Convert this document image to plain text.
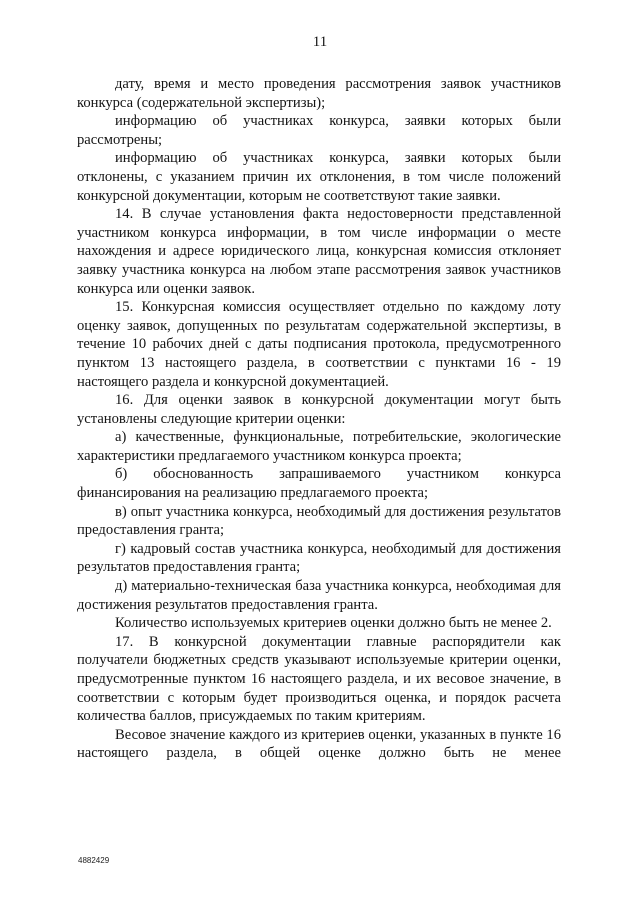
11

дату, время и место проведения рассмотрения заявок участников конкурса (содержательной экспертизы);

информацию об участниках конкурса, заявки которых были рассмотрены;

информацию об участниках конкурса, заявки которых были отклонены, с указанием причин их отклонения, в том числе положений конкурсной документации, которым не соответствуют такие заявки.

14. В случае установления факта недостоверности представленной участником конкурса информации, в том числе информации о месте нахождения и адресе юридического лица, конкурсная комиссия отклоняет заявку участника конкурса на любом этапе рассмотрения заявок участников конкурса или оценки заявок.

15. Конкурсная комиссия осуществляет отдельно по каждому лоту оценку заявок, допущенных по результатам содержательной экспертизы, в течение 10 рабочих дней с даты подписания протокола, предусмотренного пунктом 13 настоящего раздела, в соответствии с пунктами 16 - 19 настоящего раздела и конкурсной документацией.

16. Для оценки заявок в конкурсной документации могут быть установлены следующие критерии оценки:

а) качественные, функциональные, потребительские, экологические характеристики предлагаемого участником конкурса проекта;

б) обоснованность запрашиваемого участником конкурса финансирования на реализацию предлагаемого проекта;

в) опыт участника конкурса, необходимый для достижения результатов предоставления гранта;

г) кадровый состав участника конкурса, необходимый для достижения результатов предоставления гранта;

д) материально-техническая база участника конкурса, необходимая для достижения результатов предоставления гранта.

Количество используемых критериев оценки должно быть не менее 2.

17. В конкурсной документации главные распорядители как получатели бюджетных средств указывают используемые критерии оценки, предусмотренные пунктом 16 настоящего раздела, и их весовое значение, в соответствии с которым будет производиться оценка, и порядок расчета количества баллов, присуждаемых по таким критериям.

Весовое значение каждого из критериев оценки, указанных в пункте 16 настоящего раздела, в общей оценке должно быть не менее

4882429
